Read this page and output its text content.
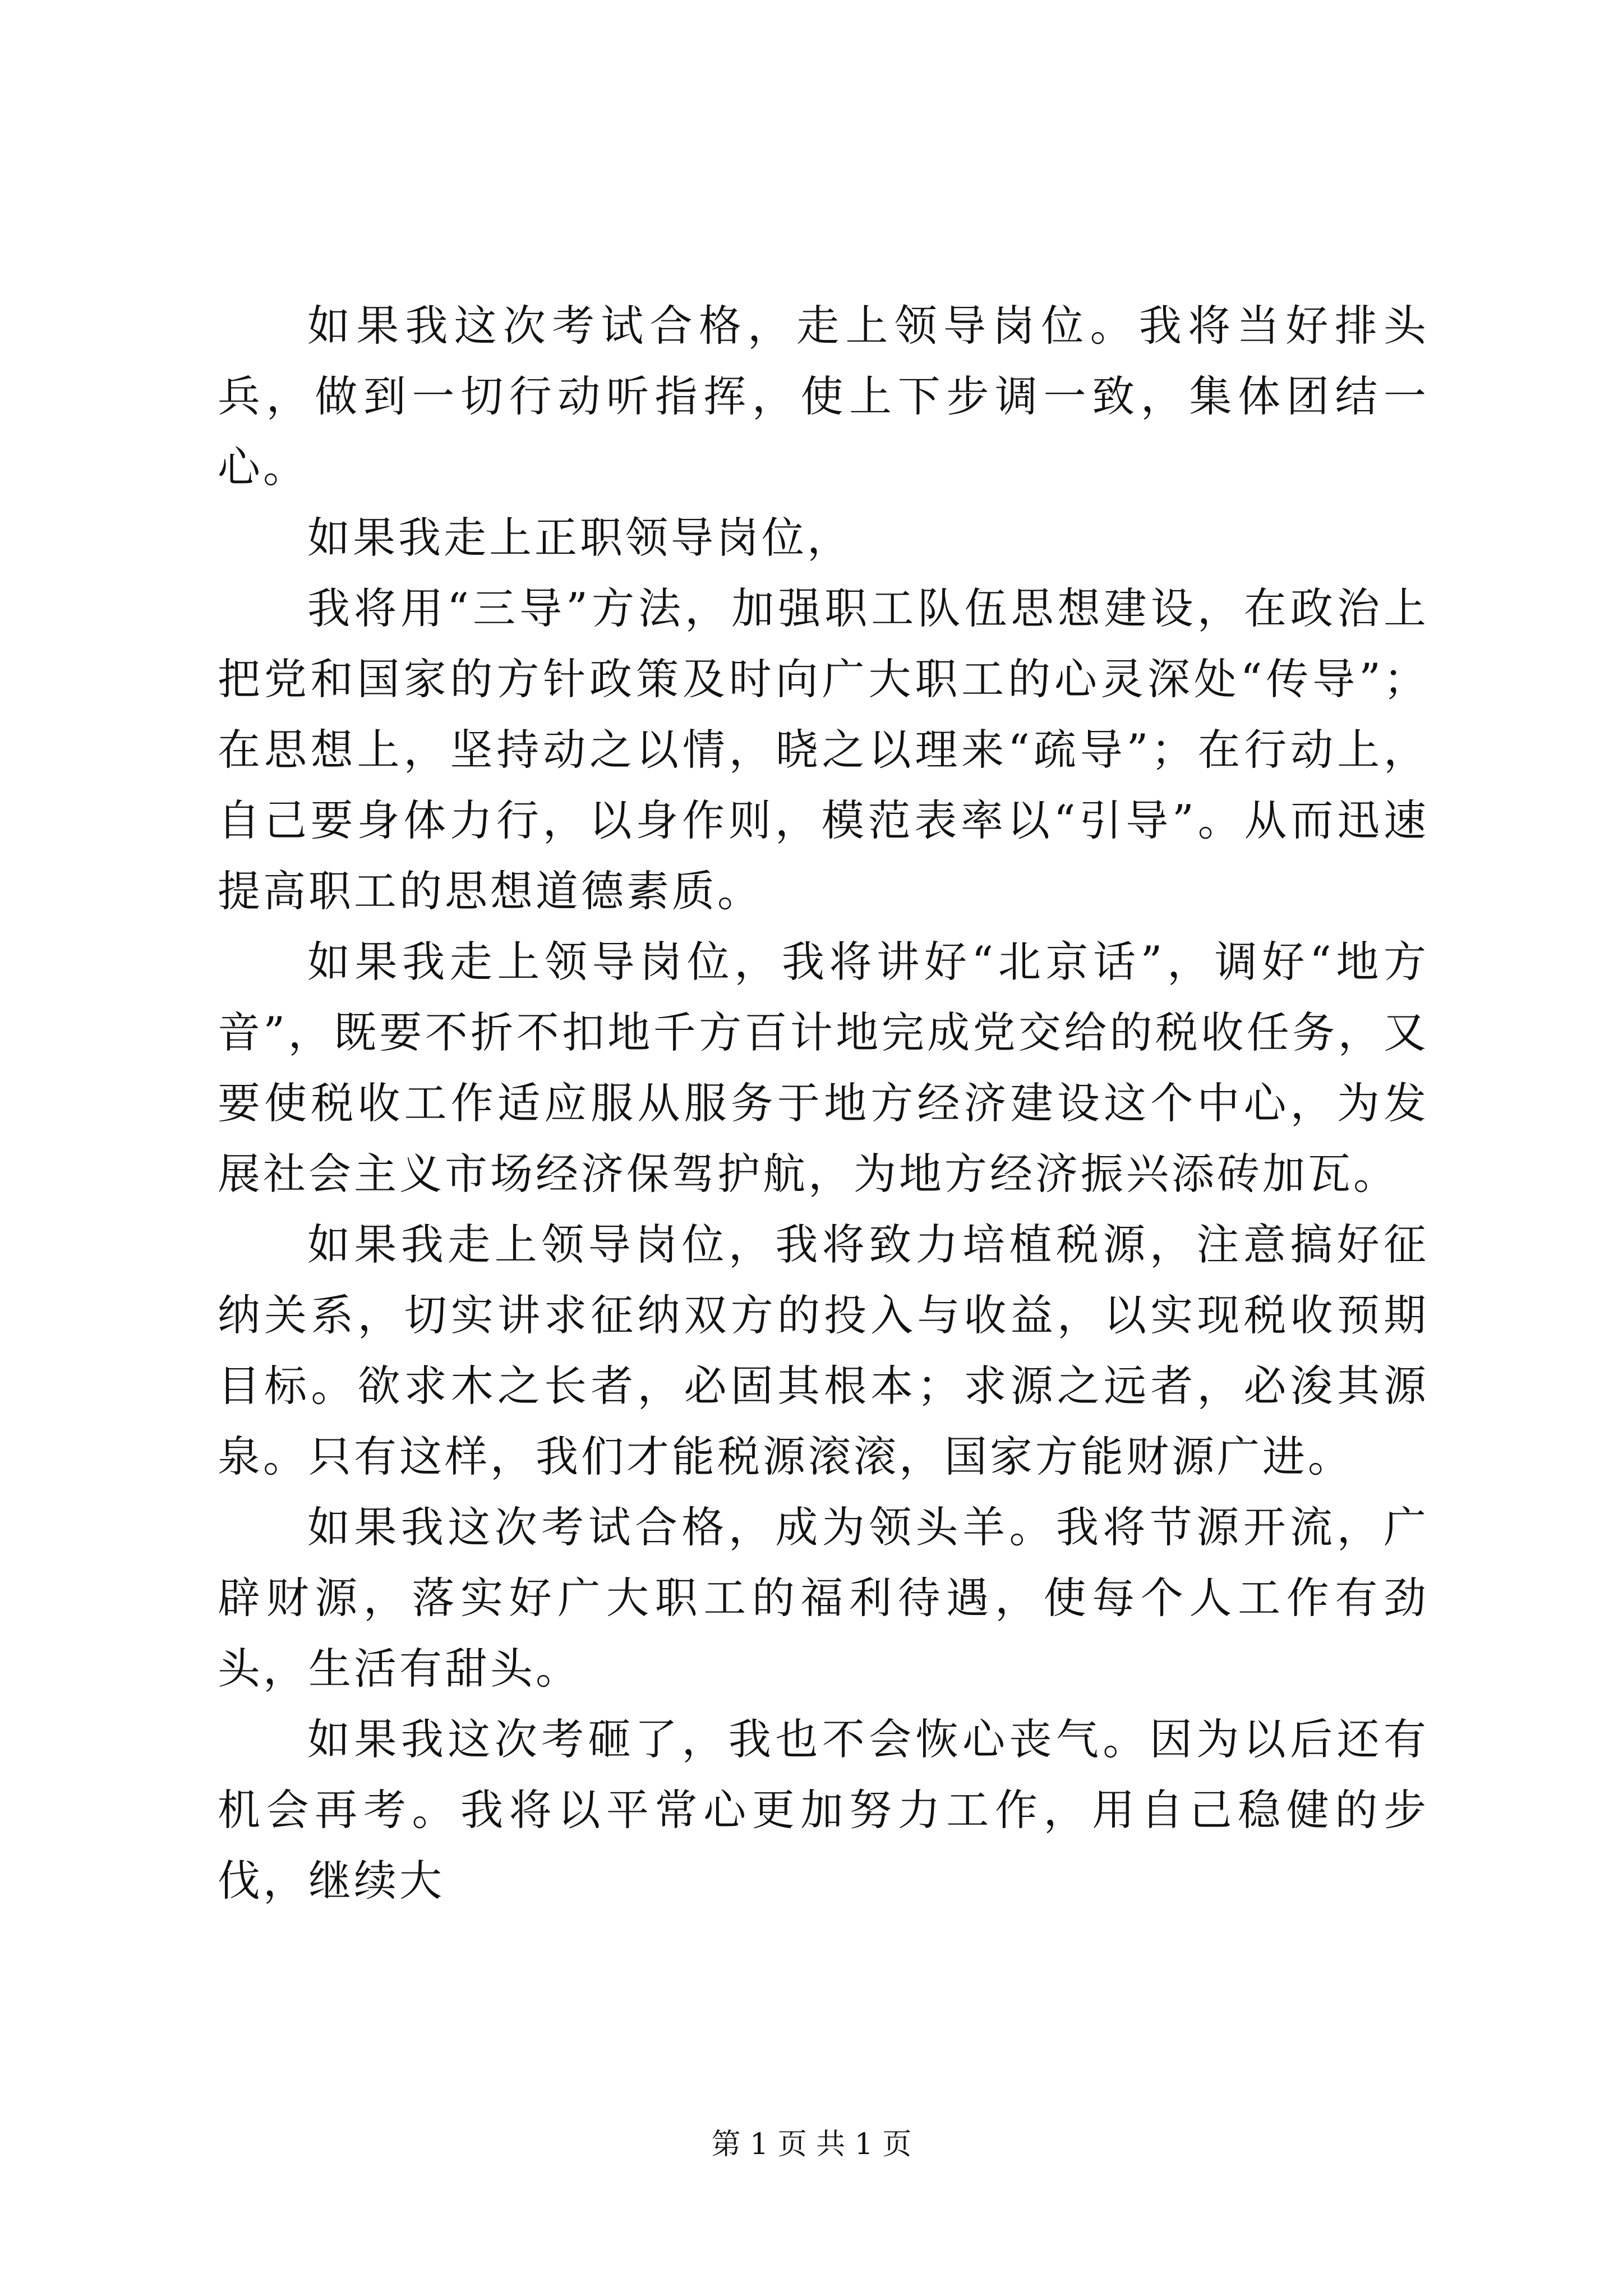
如果我这次考试合格，走上领导岗位。我将当好排头兵，做到一切行动听指挥，使上下步调一致，集体团结一心。

如果我走上正职领导岗位，

我将用“三导”方法，加强职工队伍思想建设，在政治上把党和国家的方针政策及时向广大职工的心灵深处“传导”；在思想上，坚持动之以情，晓之以理来“疏导”；在行动上，自己要身体力行，以身作则，模范表率以“引导”。从而迅速提高职工的思想道德素质。

如果我走上领导岗位，我将讲好“北京话”，调好“地方音”，既要不折不扣地千方百计地完成党交给的税收任务，又要使税收工作适应服从服务于地方经济建设这个中心，为发展社会主义市场经济保驾护航，为地方经济振兴添砖加瓦。

如果我走上领导岗位，我将致力培植税源，注意搞好征纳关系，切实讲求征纳双方的投入与收益，以实现税收预期目标。欲求木之长者，必固其根本；求源之远者，必浚其源泉。只有这样，我们才能税源滚滚，国家方能财源广进。

如果我这次考试合格，成为领头羊。我将节源开流，广辟财源，落实好广大职工的福利待遇，使每个人工作有劲头，生活有甜头。

如果我这次考砸了，我也不会恢心丧气。因为以后还有机会再考。我将以平常心更加努力工作，用自己稳健的步伐，继续大

第 1 页 共 1 页
